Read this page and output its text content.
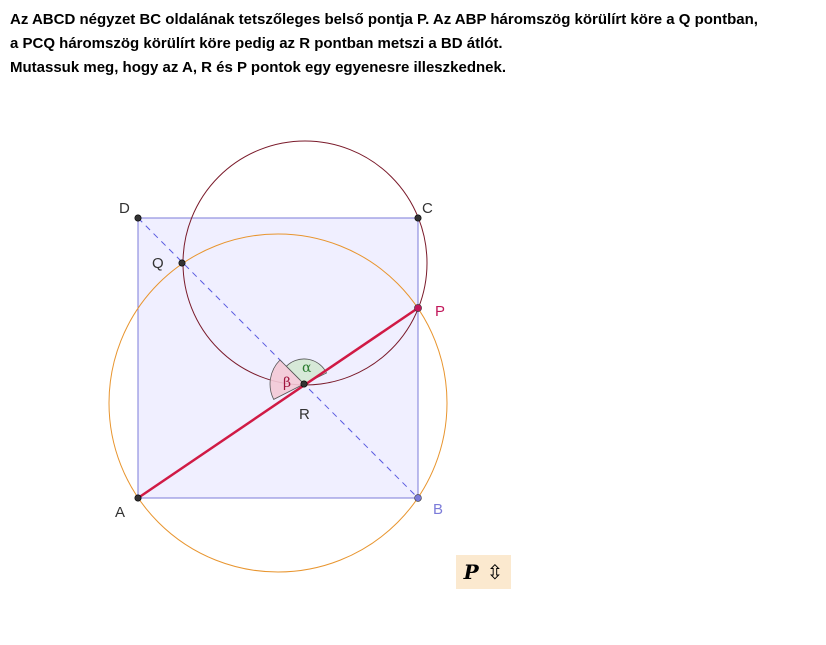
Az ABCD négyzet BC oldalának tetszőleges belső pontja P. Az ABP háromszög körülírt köre a Q pontban,
a PCQ háromszög körülírt köre pedig az R pontban metszi a BD átlót.
Mutassuk meg, hogy az A, R és P pontok egy egyenesre illeszkednek.
A	B
C
D
P
Q
R
α
β
P ⇳
